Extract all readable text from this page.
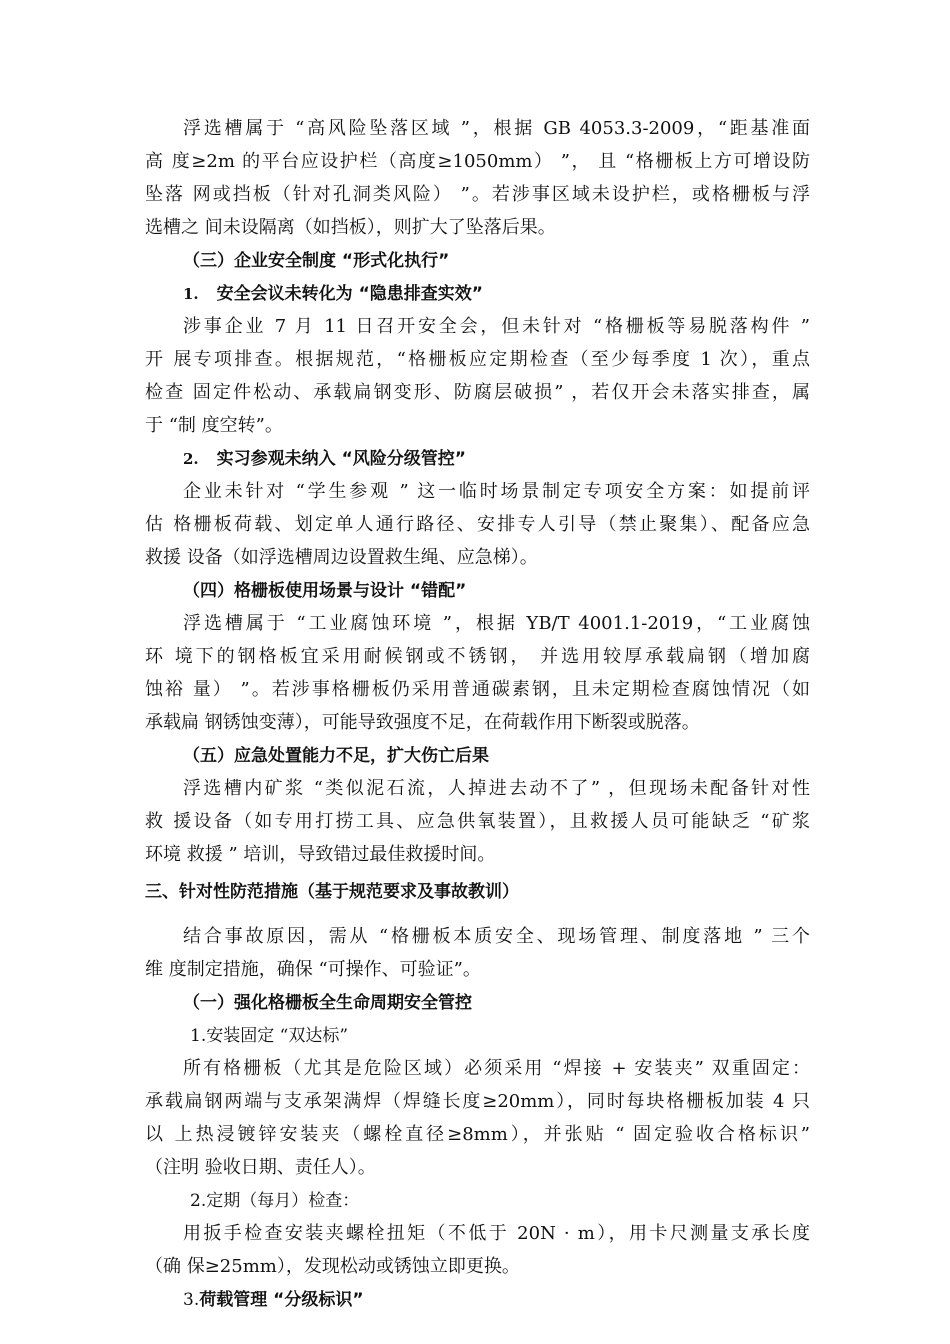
浮选槽属于 “高风险坠落区域 ”，根据 GB 4053.3-2009，“距基准面
高 度≥2m 的平台应设护栏（高度≥1050mm） ”， 且 “格栅板上方可增设防
坠落 网或挡板（针对孔洞类风险） ”。若涉事区域未设护栏，或格栅板与浮
选槽之 间未设隔离（如挡板），则扩大了坠落后果。
（三）企业安全制度 “形式化执行”
1. 安全会议未转化为 “隐患排查实效”
涉事企业 7 月 11 日召开安全会，但未针对 “格栅板等易脱落构件 ”
开 展专项排查。根据规范，“格栅板应定期检查（至少每季度 1 次），重点
检查 固定件松动、承载扁钢变形、防腐层破损” ，若仅开会未落实排查，属
于 “制 度空转”。
2. 实习参观未纳入 “风险分级管控”
企业未针对 “学生参观 ” 这一临时场景制定专项安全方案：如提前评
估 格栅板荷载、划定单人通行路径、安排专人引导（禁止聚集）、配备应急
救援 设备（如浮选槽周边设置救生绳、应急梯）。
（四）格栅板使用场景与设计 “错配”
浮选槽属于 “工业腐蚀环境 ”，根据 YB/T 4001.1-2019，“工业腐蚀
环 境下的钢格板宜采用耐候钢或不锈钢， 并选用较厚承载扁钢（增加腐
蚀裕 量） ”。若涉事格栅板仍采用普通碳素钢，且未定期检查腐蚀情况（如
承载扁 钢锈蚀变薄），可能导致强度不足，在荷载作用下断裂或脱落。
（五）应急处置能力不足，扩大伤亡后果
浮选槽内矿浆 “类似泥石流，人掉进去动不了” ，但现场未配备针对性
救 援设备（如专用打捞工具、应急供氧装置），且救援人员可能缺乏 “矿浆
环境 救援 ” 培训，导致错过最佳救援时间。
三、针对性防范措施（基于规范要求及事故教训）
结合事故原因，需从 “格栅板本质安全、现场管理、制度落地 ” 三个
维 度制定措施，确保 “可操作、可验证”。
（一）强化格栅板全生命周期安全管控
1.安装固定 “双达标”
所有格栅板（尤其是危险区域）必须采用 “焊接 + 安装夹” 双重固定：
承载扁钢两端与支承架满焊（焊缝长度≥20mm），同时每块格栅板加装 4 只
以 上热浸镀锌安装夹（螺栓直径≥8mm），并张贴 “ 固定验收合格标识”
（注明 验收日期、责任人）。
2.定期（每月）检查：
用扳手检查安装夹螺栓扭矩（不低于 20N · m），用卡尺测量支承长度
（确 保≥25mm），发现松动或锈蚀立即更换。
3.荷载管理 “分级标识”
